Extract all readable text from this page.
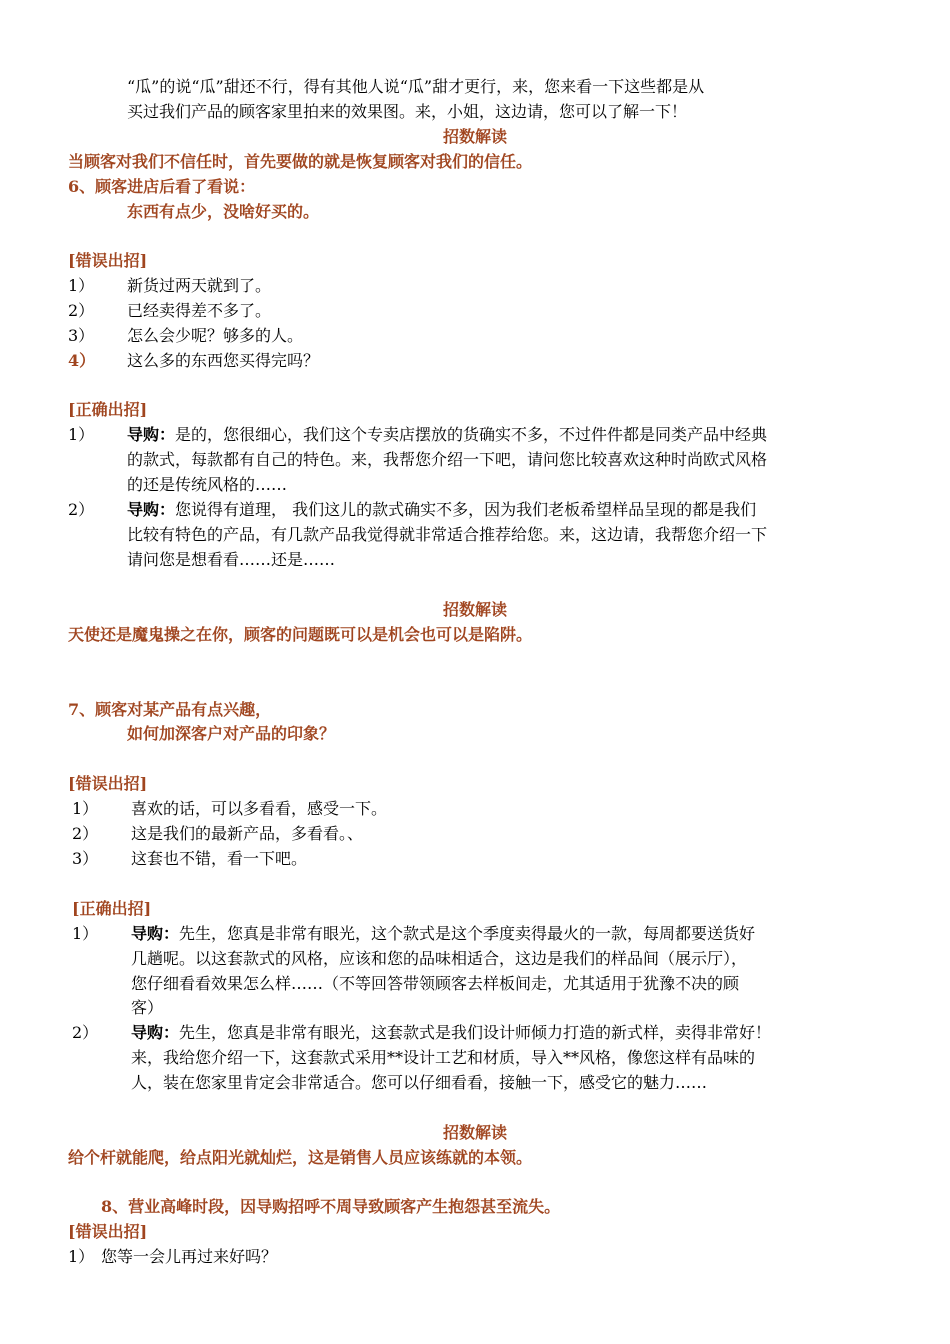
“瓜”的说“瓜”甜还不行，得有其他人说“瓜”甜才更行，来，您来看一下这些都是从
买过我们产品的顾客家里拍来的效果图。来，小姐，这边请，您可以了解一下！
招数解读
当顾客对我们不信任时，首先要做的就是恢复顾客对我们的信任。
6、顾客进店后看了看说：
东西有点少，没啥好买的。
[错误出招]
1） 新货过两天就到了。
2） 已经卖得差不多了。
3） 怎么会少呢？够多的人。
4） 这么多的东西您买得完吗？
[正确出招]
1） 导购：是的，您很细心，我们这个专卖店摆放的货确实不多，不过件件都是同类产品中经典
的款式，每款都有自己的特色。来，我帮您介绍一下吧，请问您比较喜欢这种时尚欧式风格
的还是传统风格的……
2） 导购：您说得有道理， 我们这儿的款式确实不多，因为我们老板希望样品呈现的都是我们
比较有特色的产品，有几款产品我觉得就非常适合推荐给您。来，这边请，我帮您介绍一下
请问您是想看看……还是……
招数解读
天使还是魔鬼操之在你，顾客的问题既可以是机会也可以是陷阱。
7、顾客对某产品有点兴趣，
如何加深客户对产品的印象？
[错误出招]
1） 喜欢的话，可以多看看，感受一下。
2） 这是我们的最新产品，多看看。、
3） 这套也不错，看一下吧。
[正确出招]
1） 导购：先生，您真是非常有眼光，这个款式是这个季度卖得最火的一款，每周都要送货好
几趟呢。以这套款式的风格，应该和您的品味相适合，这边是我们的样品间（展示厅），
您仔细看看效果怎么样……（不等回答带领顾客去样板间走，尤其适用于犹豫不决的顾
客）
2） 导购：先生，您真是非常有眼光，这套款式是我们设计师倾力打造的新式样，卖得非常好！
来，我给您介绍一下，这套款式采用**设计工艺和材质，导入**风格，像您这样有品味的
人，装在您家里肯定会非常适合。您可以仔细看看，接触一下，感受它的魅力……
招数解读
给个杆就能爬，给点阳光就灿烂，这是销售人员应该练就的本领。
8、营业高峰时段，因导购招呼不周导致顾客产生抱怨甚至流失。
[错误出招]
1） 您等一会儿再过来好吗？
